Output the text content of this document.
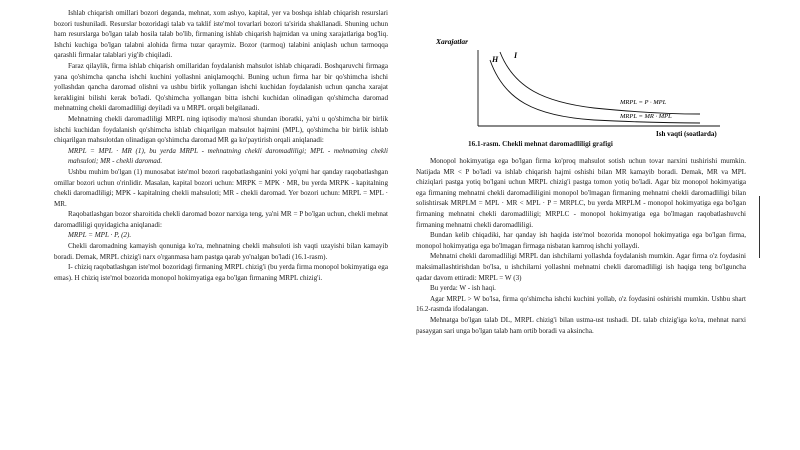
Ishlab chiqarish omillari bozori deganda, mehnat, xom ashyo, kapital, yer va boshqa ishlab chiqarish resurslari bozori tushuniladi. Resurslar bozoridagi talab va taklif iste'mol tovarlari bozori ta'sirida shakllanadi. Shuning uchun ham resurslarga bo'lgan talab hosila talab bo'lib, firmaning ishlab chiqarish hajmidan va uning xarajatlariga bog'liq. Ishchi kuchiga bo'lgan talabni alohida firma tuzar qaraymiz. Bozor (tarmoq) talabini aniqlash uchun tarmoqqa qarashli firmalar talablari yig'ib chiqiladi.

Faraz qilaylik, firma ishlab chiqarish omillaridan foydalanish mahsulot ishlab chiqaradi. Boshqaruvchi firmaga yana qo'shimcha qancha ishchi kuchini yollashni aniqlamoqchi. Buning uchun firma har bir qo'shimcha ishchi yollashdan qancha daromad olishni va ushbu birlik yollangan ishchi kuchidan foydalanish uchun qancha xarajat kerakligini bilishi kerak bo'ladi. Qo'shimcha yollangan bitta ishchi kuchidan olinadigan qo'shimcha daromad mehnatning chekli daromadliligi deyiladi va u MRPL orqali belgilanadi.

Mehnatning chekli daromadliligi MRPL ning iqtisodiy ma'nosi shundan iboratki, ya'ni u qo'shimcha bir birlik ishchi kuchidan foydalanish qo'shimcha ishlab chiqarilgan mahsulot hajmini (MPL), qo'shimcha bir birlik ishlab chiqarilgan mahsulotdan olinadigan qo'shimcha daromad MR ga ko'paytirish orqali aniqlanadi:

MRPL = MPL · MR (1), bu yerda MRPL - mehnatning chekli daromadliligi; MPL - mehnatning chekli mahsuloti; MR - chekli daromad.

Ushbu muhim bo'lgan (1) munosabat iste'mol bozori raqobatlashganini yoki yo'qmi har qanday raqobatlashgan omillar bozori uchun o'rinlidir. Masalan, kapital bozori uchun: MRPK = MPK · MR, bu yerda MRPK - kapitalning chekli daromadliligi; MPK - kapitalning chekli mahsuloti; MR - chekli daromad. Yer bozori uchun: MRPL = MPL · MR.

Raqobatlashgan bozor sharoitida chekli daromad bozor narxiga teng, ya'ni MR = P bo'lgan uchun, chekli mehnat daromadliligi quyidagicha aniqlanadi:

MRPL = MPL · P, (2).

Chekli daromadning kamayish qonuniga ko'ra, mehnatning chekli mahsuloti ish vaqti uzayishi bilan kamayib boradi. Demak, MRPL chizig'i narx o'rganmasa ham pastga qarab yo'nalgan bo'ladi (16.1-rasm).

I- chiziq raqobatlashgan iste'mol bozoridagi firmaning MRPL chizig'i (bu yerda firma monopol bokimyatiga ega emas). H chiziq iste'mol bozorida monopol hokimyatiga ega bo'lgan firmaning MRPL chizig'i.

Xarajatlar
H I
MRPL = P · MPL
MRPL = MR · MPL
Ish vaqti (soatlarda)
16.1-rasm. Chekli mehnat daromadliligi grafigi

Monopol hokimyatiga ega bo'lgan firma ko'proq mahsulot sotish uchun tovar narxini tushirishi mumkin. Natijada MR < P bo'ladi va ishlab chiqarish hajmi oshishi bilan MR kamayib boradi. Demak, MR va MPL chiziqlari pastga yotiq bo'lgani uchun MRPL chizig'i pastga tomon yotiq bo'ladi. Agar biz monopol hokimyatiga ega firmaning mehnatni chekli daromadliligini monopol bo'lmagan firmaning mehnatni chekli daromadliligi bilan solishtirsak MRPLM = MPL · MR < MPL · P = MRPLC, bu yerda MRPLM - monopol hokimyatiga ega bo'lgan firmaning mehnatni chekli daromadliligi; MRPLC - monopol hokimyatiga ega bo'lmagan raqobatlashuvchi firmaning mehnatni chekli daromadliligi.

Bundan kelib chiqadiki, har qanday ish haqida iste'mol bozorida monopol hokimyatiga ega bo'lgan firma, monopol hokimyatiga ega bo'lmagan firmaga nisbatan kamroq ishchi yollaydi.

Mehnatni chekli daromadliligi MRPL dan ishchilarni yollashda foydalanish mumkin. Agar firma o'z foydasini maksimallashtirishdan bo'lsa, u ishchilarni yollashni mehnatni chekli daromadliligi ish haqiga teng bo'lguncha qadar davom ettiradi: MRPL = W (3)

Bu yerda: W - ish haqi.

Agar MRPL > W bo'lsa, firma qo'shimcha ishchi kuchini yollab, o'z foydasini oshirishi mumkin. Ushbu shart 16.2-rasmda ifodalangan.

Mehnatga bo'lgan talab DL, MRPL chizig'i bilan ustma-ust tushadi. DL talab chizig'iga ko'ra, mehnat narxi pasaygan sari unga bo'lgan talab ham ortib boradi va aksincha.
